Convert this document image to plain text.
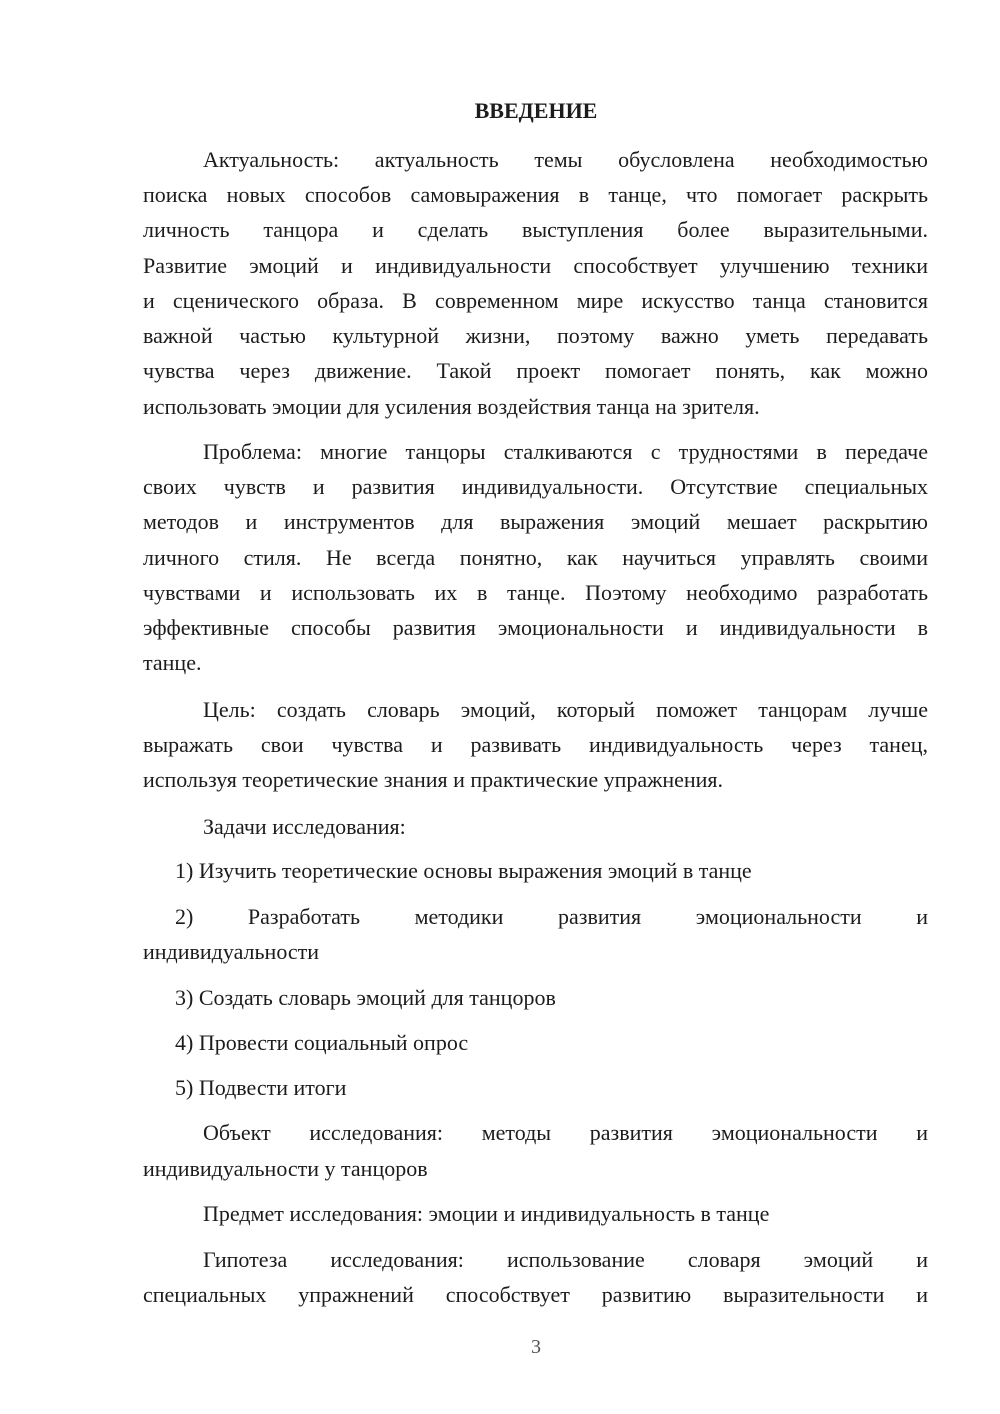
ВВЕДЕНИЕ

Актуальность: актуальность темы обусловлена необходимостью

поиска новых способов самовыражения в танце, что помогает раскрыть

личность танцора и сделать выступления более выразительными.

Развитие эмоций и индивидуальности способствует улучшению техники

и сценического образа. В современном мире искусство танца становится

важной частью культурной жизни, поэтому важно уметь передавать

чувства через движение. Такой проект помогает понять, как можно

использовать эмоции для усиления воздействия танца на зрителя.

Проблема: многие танцоры сталкиваются с трудностями в передаче

своих чувств и развития индивидуальности. Отсутствие специальных

методов и инструментов для выражения эмоций мешает раскрытию

личного стиля. Не всегда понятно, как научиться управлять своими

чувствами и использовать их в танце. Поэтому необходимо разработать

эффективные способы развития эмоциональности и индивидуальности в

танце.

Цель: создать словарь эмоций, который поможет танцорам лучше

выражать свои чувства и развивать индивидуальность через танец,

используя теоретические знания и практические упражнения.

Задачи исследования:

1) Изучить теоретические основы выражения эмоций в танце

2) Разработать методики развития эмоциональности и

индивидуальности

3) Создать словарь эмоций для танцоров

4) Провести социальный опрос

5) Подвести итоги

Объект исследования: методы развития эмоциональности и

индивидуальности у танцоров

Предмет исследования: эмоции и индивидуальность в танце

Гипотеза исследования: использование словаря эмоций и

специальных упражнений способствует развитию выразительности и

3
